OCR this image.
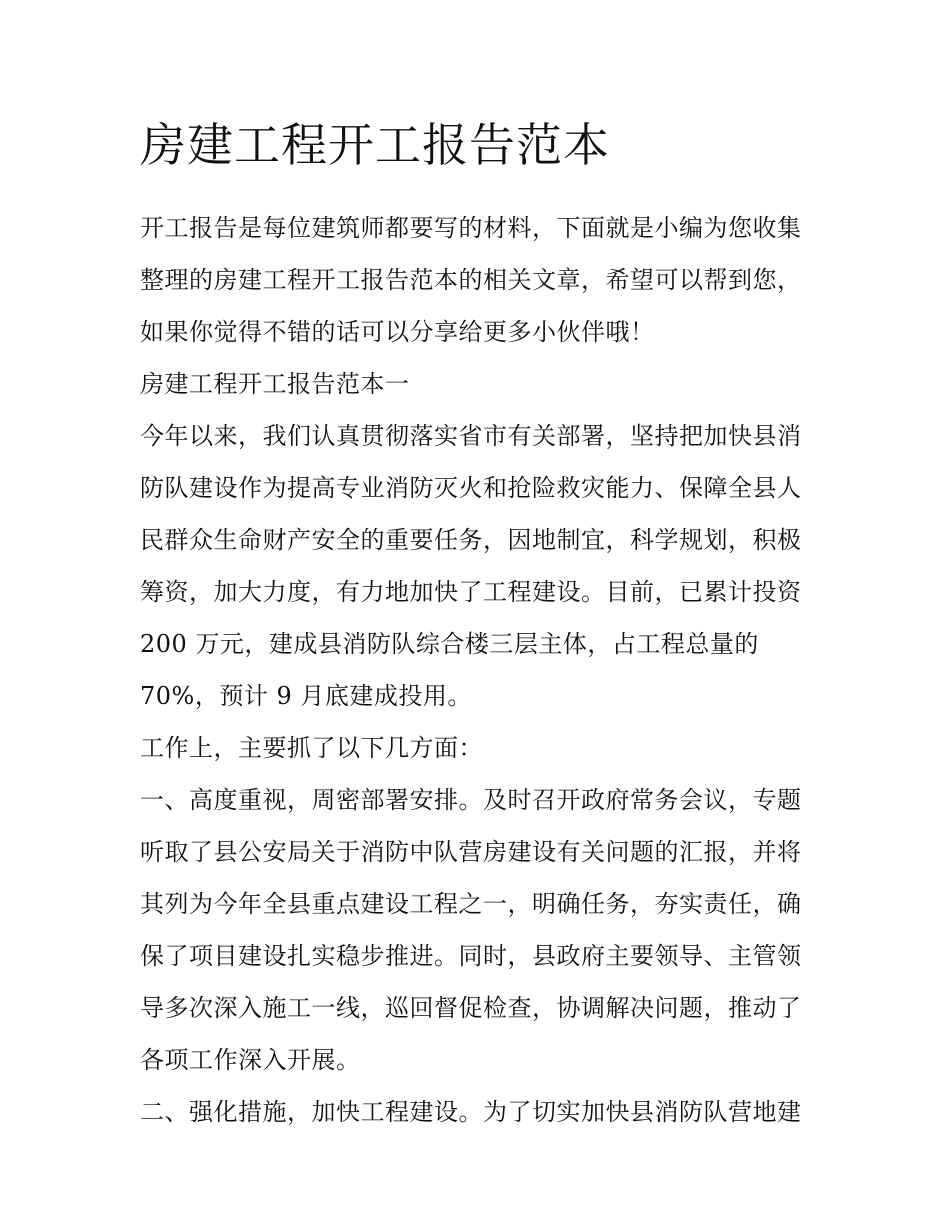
房建工程开工报告范本

开工报告是每位建筑师都要写的材料，下面就是小编为您收集

整理的房建工程开工报告范本的相关文章，希望可以帮到您，

如果你觉得不错的话可以分享给更多小伙伴哦！

房建工程开工报告范本一

今年以来，我们认真贯彻落实省市有关部署，坚持把加快县消

防队建设作为提高专业消防灭火和抢险救灾能力、保障全县人

民群众生命财产安全的重要任务，因地制宜，科学规划，积极

筹资，加大力度，有力地加快了工程建设。目前，已累计投资

200 万元，建成县消防队综合楼三层主体，占工程总量的

70%，预计 9 月底建成投用。

工作上，主要抓了以下几方面：

一、高度重视，周密部署安排。及时召开政府常务会议，专题

听取了县公安局关于消防中队营房建设有关问题的汇报，并将

其列为今年全县重点建设工程之一，明确任务，夯实责任，确

保了项目建设扎实稳步推进。同时，县政府主要领导、主管领

导多次深入施工一线，巡回督促检查，协调解决问题，推动了

各项工作深入开展。

二、强化措施，加快工程建设。为了切实加快县消防队营地建
